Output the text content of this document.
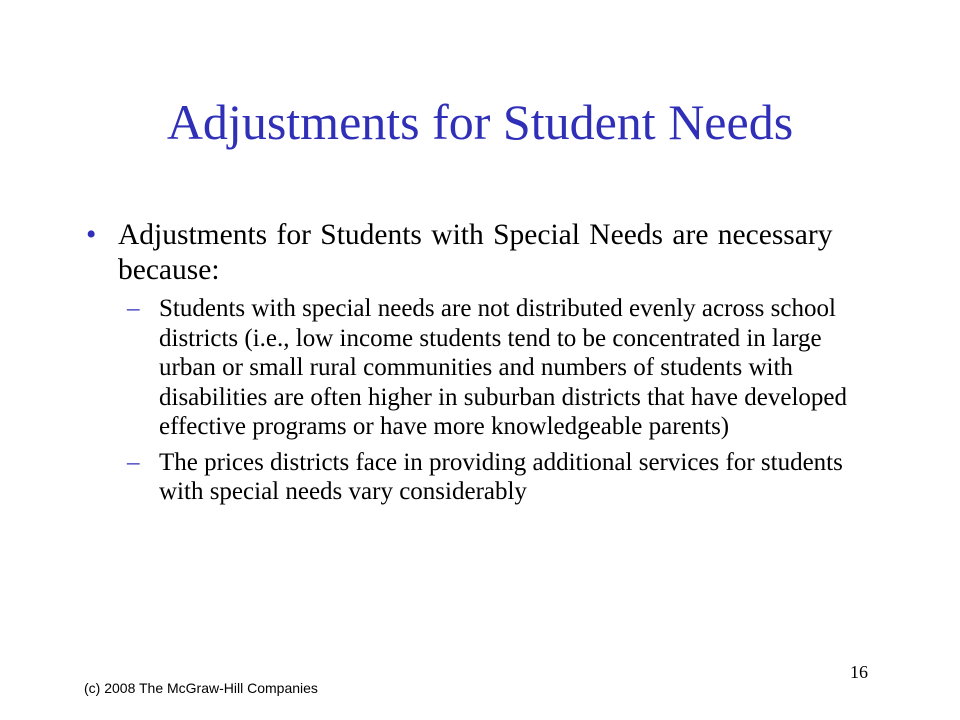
Adjustments for Student Needs
• Adjustments for Students with Special Needs are necessary because:
– Students with special needs are not distributed evenly across school districts (i.e., low income students tend to be concentrated in large urban or small rural communities and numbers of students with disabilities are often higher in suburban districts that have developed effective programs or have more knowledgeable parents)
– The prices districts face in providing additional services for students with special needs vary considerably
(c) 2008 The McGraw-Hill Companies
16
